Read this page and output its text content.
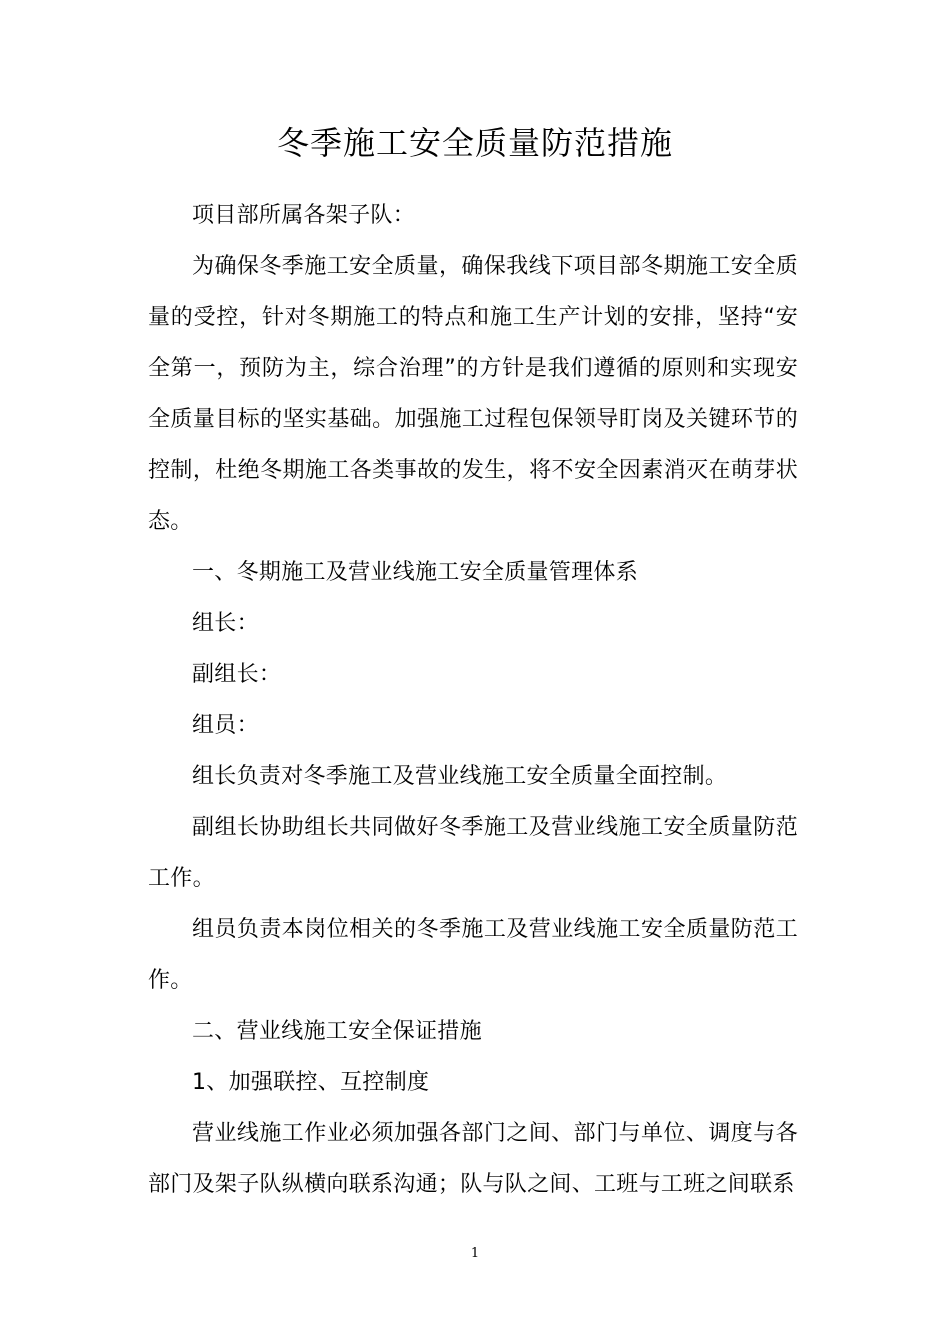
冬季施工安全质量防范措施

项目部所属各架子队：

为确保冬季施工安全质量，确保我线下项目部冬期施工安全质量的受控，针对冬期施工的特点和施工生产计划的安排，坚持“安全第一，预防为主，综合治理”的方针是我们遵循的原则和实现安全质量目标的坚实基础。加强施工过程包保领导盯岗及关键环节的控制，杜绝冬期施工各类事故的发生，将不安全因素消灭在萌芽状态。

一、冬期施工及营业线施工安全质量管理体系

组长：

副组长：

组员：

组长负责对冬季施工及营业线施工安全质量全面控制。

副组长协助组长共同做好冬季施工及营业线施工安全质量防范工作。

组员负责本岗位相关的冬季施工及营业线施工安全质量防范工作。

二、营业线施工安全保证措施

1、加强联控、互控制度

营业线施工作业必须加强各部门之间、部门与单位、调度与各部门及架子队纵横向联系沟通；队与队之间、工班与工班之间联系

1
